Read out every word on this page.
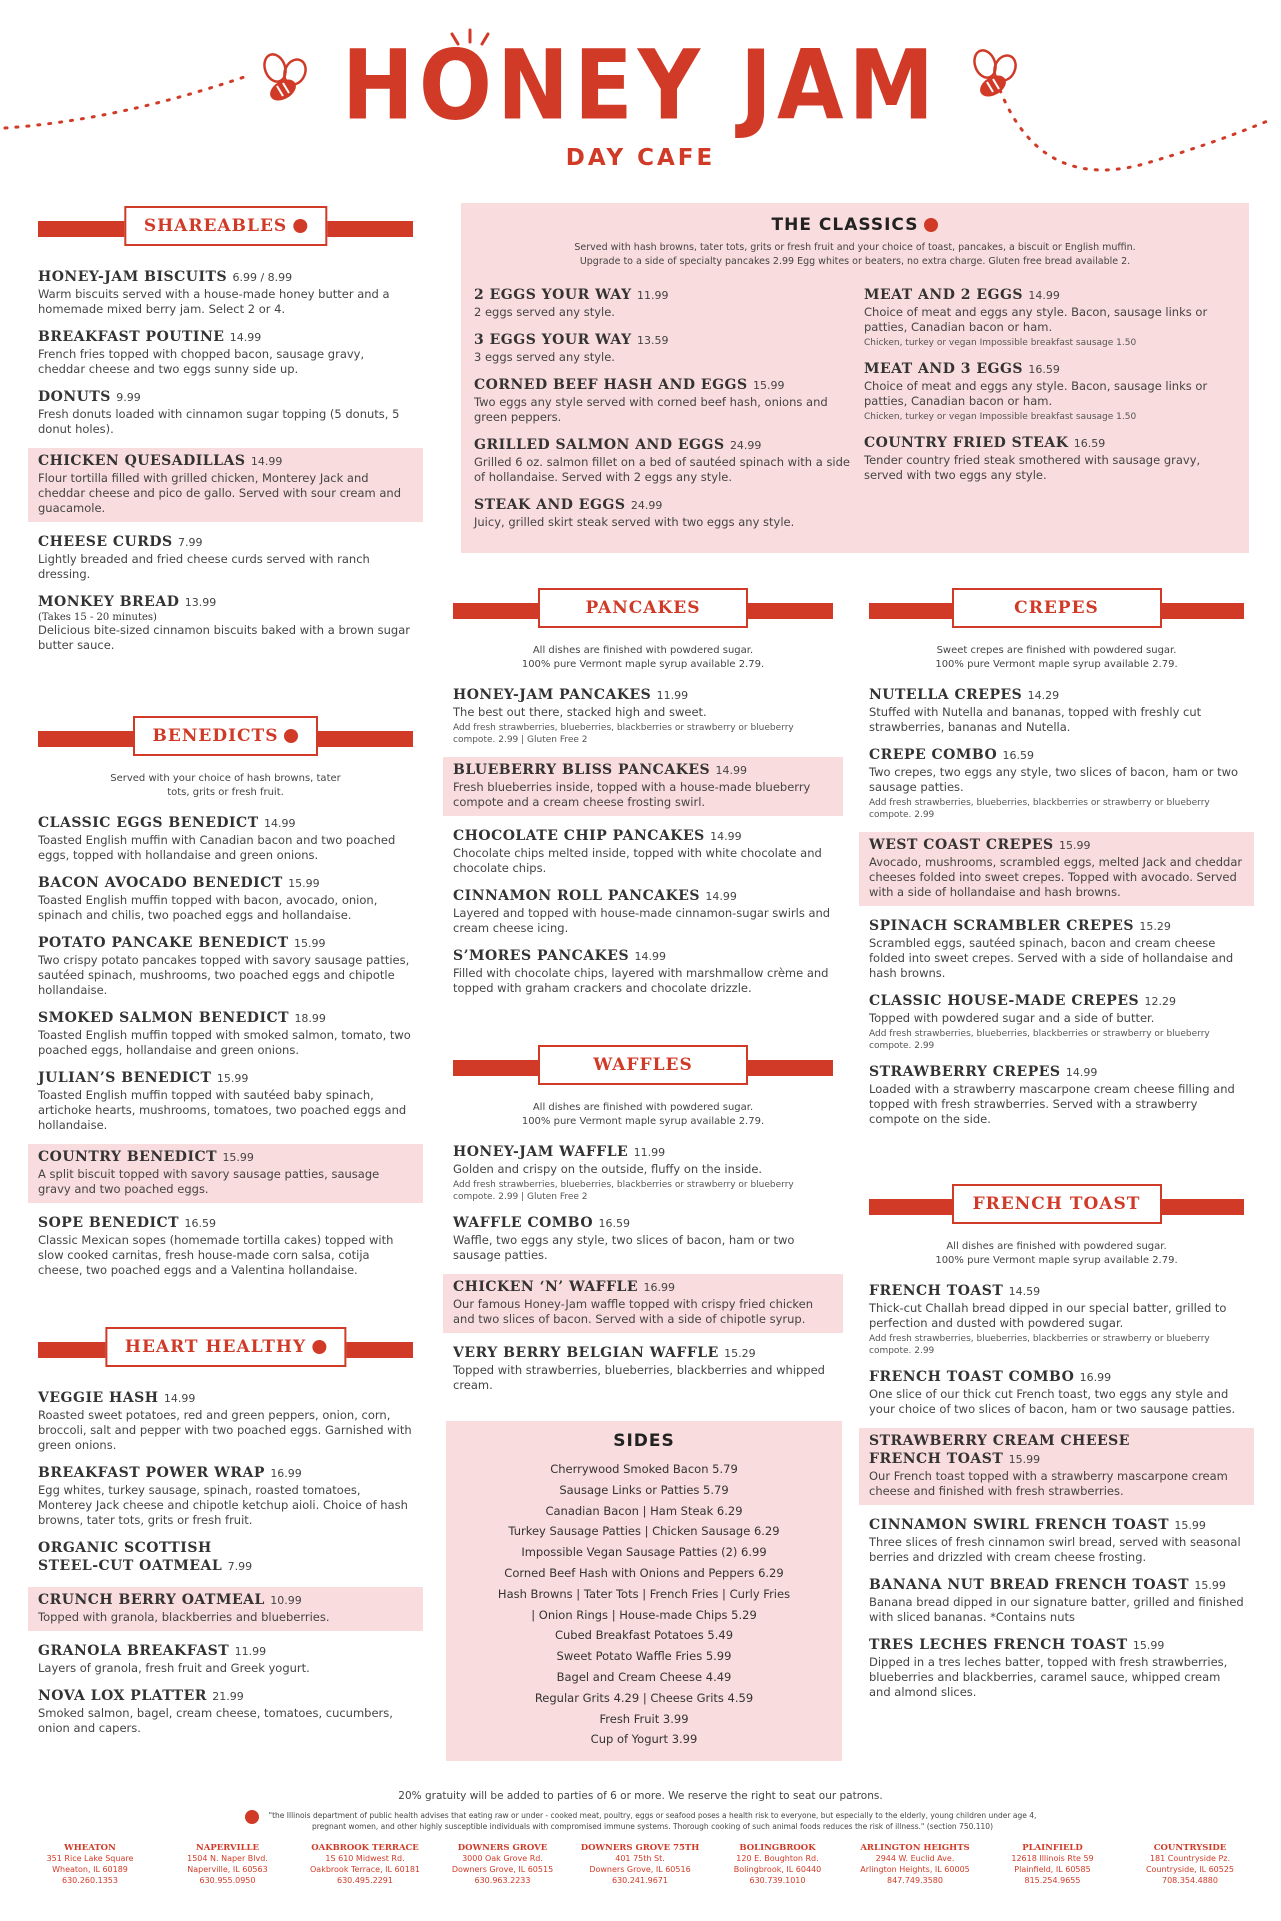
HONEY JAM
DAY CAFE
SHAREABLES
HONEY-JAM BISCUITS 6.99 / 8.99
Warm biscuits served with a house-made honey butter and a homemade mixed berry jam. Select 2 or 4.
BREAKFAST POUTINE 14.99
French fries topped with chopped bacon, sausage gravy, cheddar cheese and two eggs sunny side up.
DONUTS 9.99
Fresh donuts loaded with cinnamon sugar topping (5 donuts, 5 donut holes).
CHICKEN QUESADILLAS 14.99
Flour tortilla filled with grilled chicken, Monterey Jack and cheddar cheese and pico de gallo. Served with sour cream and guacamole.
CHEESE CURDS 7.99
Lightly breaded and fried cheese curds served with ranch dressing.
MONKEY BREAD 13.99
(Takes 15 - 20 minutes)
Delicious bite-sized cinnamon biscuits baked with a brown sugar butter sauce.
BENEDICTS
Served with your choice of hash browns, tater tots, grits or fresh fruit.
CLASSIC EGGS BENEDICT 14.99
Toasted English muffin with Canadian bacon and two poached eggs, topped with hollandaise and green onions.
BACON AVOCADO BENEDICT 15.99
Toasted English muffin topped with bacon, avocado, onion, spinach and chilis, two poached eggs and hollandaise.
POTATO PANCAKE BENEDICT 15.99
Two crispy potato pancakes topped with savory sausage patties, sautéed spinach, mushrooms, two poached eggs and chipotle hollandaise.
SMOKED SALMON BENEDICT 18.99
Toasted English muffin topped with smoked salmon, tomato, two poached eggs, hollandaise and green onions.
JULIAN’S BENEDICT 15.99
Toasted English muffin topped with sautéed baby spinach, artichoke hearts, mushrooms, tomatoes, two poached eggs and hollandaise.
COUNTRY BENEDICT 15.99
A split biscuit topped with savory sausage patties, sausage gravy and two poached eggs.
SOPE BENEDICT 16.59
Classic Mexican sopes (homemade tortilla cakes) topped with slow cooked carnitas, fresh house-made corn salsa, cotija cheese, two poached eggs and a Valentina hollandaise.
HEART HEALTHY
VEGGIE HASH 14.99
Roasted sweet potatoes, red and green peppers, onion, corn, broccoli, salt and pepper with two poached eggs. Garnished with green onions.
BREAKFAST POWER WRAP 16.99
Egg whites, turkey sausage, spinach, roasted tomatoes, Monterey Jack cheese and chipotle ketchup aioli. Choice of hash browns, tater tots, grits or fresh fruit.
ORGANIC SCOTTISH
STEEL-CUT OATMEAL 7.99
CRUNCH BERRY OATMEAL 10.99
Topped with granola, blackberries and blueberries.
GRANOLA BREAKFAST 11.99
Layers of granola, fresh fruit and Greek yogurt.
NOVA LOX PLATTER 21.99
Smoked salmon, bagel, cream cheese, tomatoes, cucumbers, onion and capers.
THE CLASSICS
Served with hash browns, tater tots, grits or fresh fruit and your choice of toast, pancakes, a biscuit or English muffin.
Upgrade to a side of specialty pancakes 2.99 Egg whites or beaters, no extra charge. Gluten free bread available 2.
2 EGGS YOUR WAY 11.99
2 eggs served any style.
3 EGGS YOUR WAY 13.59
3 eggs served any style.
CORNED BEEF HASH AND EGGS 15.99
Two eggs any style served with corned beef hash, onions and green peppers.
GRILLED SALMON AND EGGS 24.99
Grilled 6 oz. salmon fillet on a bed of sautéed spinach with a side of hollandaise. Served with 2 eggs any style.
STEAK AND EGGS 24.99
Juicy, grilled skirt steak served with two eggs any style.
MEAT AND 2 EGGS 14.99
Choice of meat and eggs any style. Bacon, sausage links or patties, Canadian bacon or ham.
Chicken, turkey or vegan Impossible breakfast sausage 1.50
MEAT AND 3 EGGS 16.59
Choice of meat and eggs any style. Bacon, sausage links or patties, Canadian bacon or ham.
Chicken, turkey or vegan Impossible breakfast sausage 1.50
COUNTRY FRIED STEAK 16.59
Tender country fried steak smothered with sausage gravy, served with two eggs any style.
PANCAKES
All dishes are finished with powdered sugar.
100% pure Vermont maple syrup available 2.79.
HONEY-JAM PANCAKES 11.99
The best out there, stacked high and sweet.
Add fresh strawberries, blueberries, blackberries or strawberry or blueberry compote. 2.99 | Gluten Free 2
BLUEBERRY BLISS PANCAKES 14.99
Fresh blueberries inside, topped with a house-made blueberry compote and a cream cheese frosting swirl.
CHOCOLATE CHIP PANCAKES 14.99
Chocolate chips melted inside, topped with white chocolate and chocolate chips.
CINNAMON ROLL PANCAKES 14.99
Layered and topped with house-made cinnamon-sugar swirls and cream cheese icing.
S’MORES PANCAKES 14.99
Filled with chocolate chips, layered with marshmallow crème and topped with graham crackers and chocolate drizzle.
WAFFLES
All dishes are finished with powdered sugar.
100% pure Vermont maple syrup available 2.79.
HONEY-JAM WAFFLE 11.99
Golden and crispy on the outside, fluffy on the inside.
Add fresh strawberries, blueberries, blackberries or strawberry or blueberry compote. 2.99 | Gluten Free 2
WAFFLE COMBO 16.59
Waffle, two eggs any style, two slices of bacon, ham or two sausage patties.
CHICKEN ‘N’ WAFFLE 16.99
Our famous Honey-Jam waffle topped with crispy fried chicken and two slices of bacon. Served with a side of chipotle syrup.
VERY BERRY BELGIAN WAFFLE 15.29
Topped with strawberries, blueberries, blackberries and whipped cream.
SIDES
Cherrywood Smoked Bacon 5.79
Sausage Links or Patties 5.79
Canadian Bacon | Ham Steak 6.29
Turkey Sausage Patties | Chicken Sausage 6.29
Impossible Vegan Sausage Patties (2) 6.99
Corned Beef Hash with Onions and Peppers 6.29
Hash Browns | Tater Tots | French Fries | Curly Fries
| Onion Rings | House-made Chips 5.29
Cubed Breakfast Potatoes 5.49
Sweet Potato Waffle Fries 5.99
Bagel and Cream Cheese 4.49
Regular Grits 4.29 | Cheese Grits 4.59
Fresh Fruit 3.99
Cup of Yogurt 3.99
CREPES
Sweet crepes are finished with powdered sugar.
100% pure Vermont maple syrup available 2.79.
NUTELLA CREPES 14.29
Stuffed with Nutella and bananas, topped with freshly cut strawberries, bananas and Nutella.
CREPE COMBO 16.59
Two crepes, two eggs any style, two slices of bacon, ham or two sausage patties.
Add fresh strawberries, blueberries, blackberries or strawberry or blueberry compote. 2.99
WEST COAST CREPES 15.99
Avocado, mushrooms, scrambled eggs, melted Jack and cheddar cheeses folded into sweet crepes. Topped with avocado. Served with a side of hollandaise and hash browns.
SPINACH SCRAMBLER CREPES 15.29
Scrambled eggs, sautéed spinach, bacon and cream cheese folded into sweet crepes. Served with a side of hollandaise and hash browns.
CLASSIC HOUSE-MADE CREPES 12.29
Topped with powdered sugar and a side of butter.
Add fresh strawberries, blueberries, blackberries or strawberry or blueberry compote. 2.99
STRAWBERRY CREPES 14.99
Loaded with a strawberry mascarpone cream cheese filling and topped with fresh strawberries. Served with a strawberry compote on the side.
FRENCH TOAST
All dishes are finished with powdered sugar.
100% pure Vermont maple syrup available 2.79.
FRENCH TOAST 14.59
Thick-cut Challah bread dipped in our special batter, grilled to perfection and dusted with powdered sugar.
Add fresh strawberries, blueberries, blackberries or strawberry or blueberry compote. 2.99
FRENCH TOAST COMBO 16.99
One slice of our thick cut French toast, two eggs any style and your choice of two slices of bacon, ham or two sausage patties.
STRAWBERRY CREAM CHEESE
FRENCH TOAST 15.99
Our French toast topped with a strawberry mascarpone cream cheese and finished with fresh strawberries.
CINNAMON SWIRL FRENCH TOAST 15.99
Three slices of fresh cinnamon swirl bread, served with seasonal berries and drizzled with cream cheese frosting.
BANANA NUT BREAD FRENCH TOAST 15.99
Banana bread dipped in our signature batter, grilled and finished with sliced bananas. *Contains nuts
TRES LECHES FRENCH TOAST 15.99
Dipped in a tres leches batter, topped with fresh strawberries, blueberries and blackberries, caramel sauce, whipped cream and almond slices.
20% gratuity will be added to parties of 6 or more. We reserve the right to seat our patrons.
"the Illinois department of public health advises that eating raw or under - cooked meat, poultry, eggs or seafood poses a health risk to everyone, but especially to the elderly, young children under age 4,
pregnant women, and other highly susceptible individuals with compromised immune systems. Thorough cooking of such animal foods reduces the risk of illness." (section 750.110)
WHEATON
351 Rice Lake Square
Wheaton, IL 60189
630.260.1353
NAPERVILLE
1504 N. Naper Blvd.
Naperville, IL 60563
630.955.0950
OAKBROOK TERRACE
1S 610 Midwest Rd.
Oakbrook Terrace, IL 60181
630.495.2291
DOWNERS GROVE
3000 Oak Grove Rd.
Downers Grove, IL 60515
630.963.2233
DOWNERS GROVE 75TH
401 75th St.
Downers Grove, IL 60516
630.241.9671
BOLINGBROOK
120 E. Boughton Rd.
Bolingbrook, IL 60440
630.739.1010
ARLINGTON HEIGHTS
2944 W. Euclid Ave.
Arlington Heights, IL 60005
847.749.3580
PLAINFIELD
12618 Illinois Rte 59
Plainfield, IL 60585
815.254.9655
COUNTRYSIDE
181 Countryside Pz.
Countryside, IL 60525
708.354.4880
